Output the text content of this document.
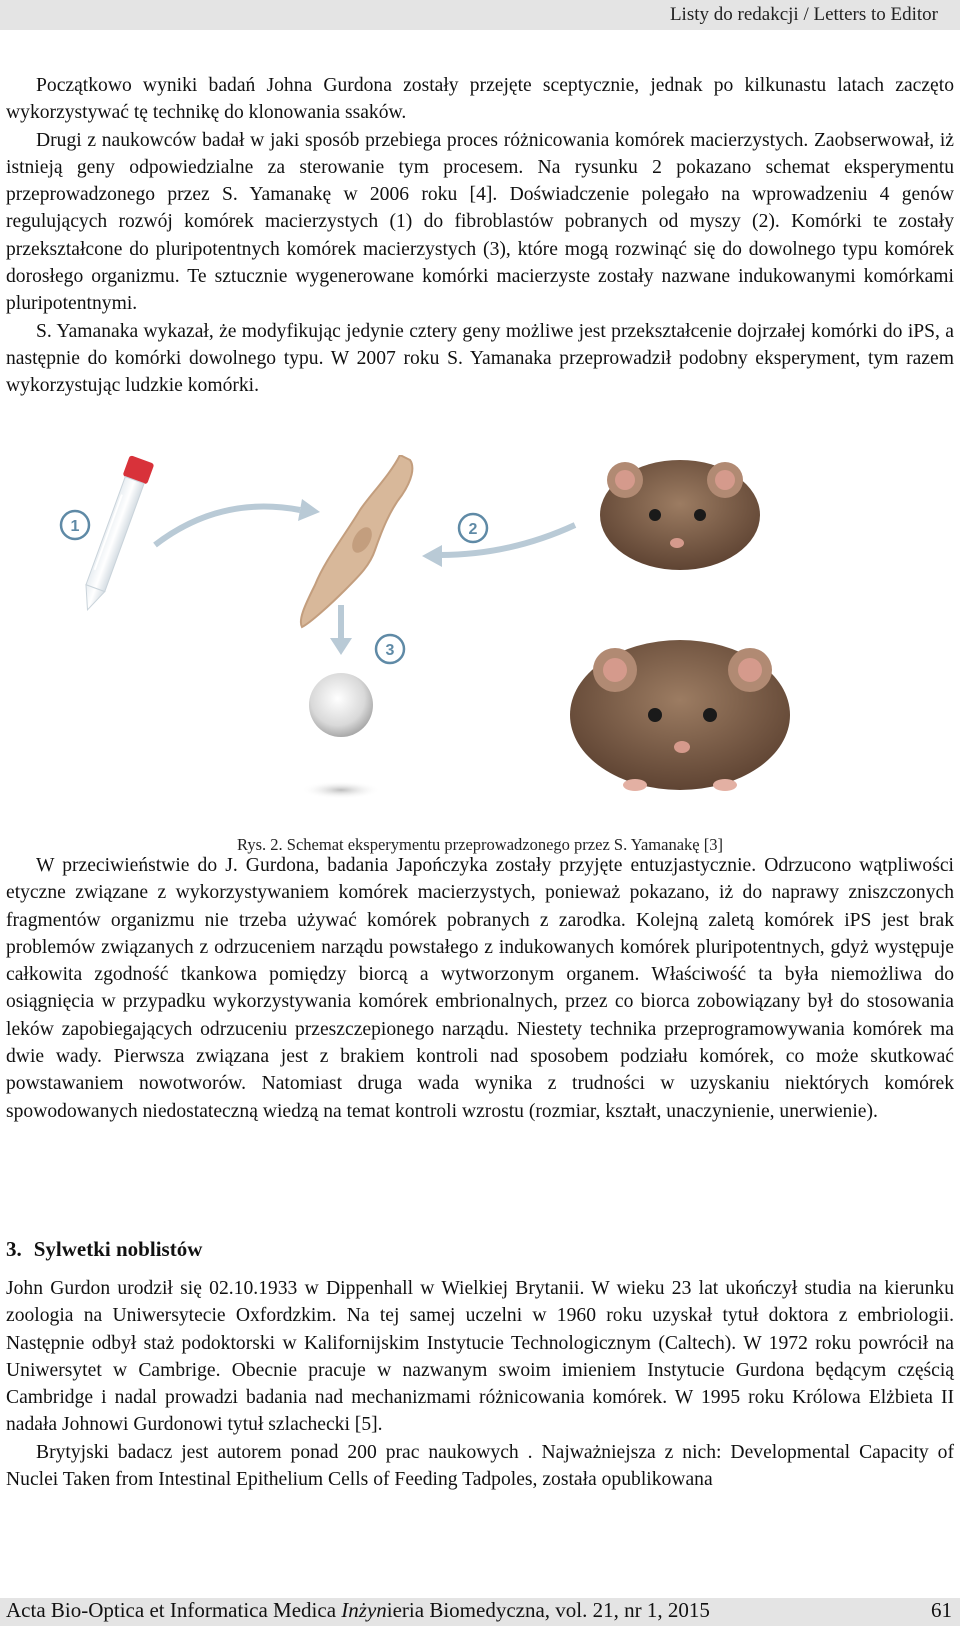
Listy do redakcji / Letters to Editor

Początkowo wyniki badań Johna Gurdona zostały przejęte sceptycznie, jednak po kilkunastu latach zaczęto wykorzystywać tę technikę do klonowania ssaków.

Drugi z naukowców badał w jaki sposób przebiega proces różnicowania komórek macierzystych. Zaobserwował, iż istnieją geny odpowiedzialne za sterowanie tym procesem. Na rysunku 2 pokazano schemat eksperymentu przeprowadzonego przez S. Yamanakę w 2006 roku [4]. Doświadczenie polegało na wprowadzeniu 4 genów regulujących rozwój komórek macierzystych (1) do fibroblastów pobranych od myszy (2). Komórki te zostały przekształcone do pluripotentnych komórek macierzystych (3), które mogą rozwinąć się do dowolnego typu komórek dorosłego organizmu. Te sztucznie wygenerowane komórki macierzyste zostały nazwane indukowanymi komórkami pluripotentnymi.

S. Yamanaka wykazał, że modyfikując jedynie cztery geny możliwe jest przekształcenie dojrzałej komórki do iPS, a następnie do komórki dowolnego typu. W 2007 roku S. Yamanaka przeprowadził podobny eksperyment, tym razem wykorzystując ludzkie komórki.

1	2
3
Rys. 2. Schemat eksperymentu przeprowadzonego przez S. Yamanakę [3]

W przeciwieństwie do J. Gurdona, badania Japończyka zostały przyjęte entuzjastycznie. Odrzucono wątpliwości etyczne związane z wykorzystywaniem komórek macierzystych, ponieważ pokazano, iż do naprawy zniszczonych fragmentów organizmu nie trzeba używać komórek pobranych z zarodka. Kolejną zaletą komórek iPS jest brak problemów związanych z odrzuceniem narządu powstałego z indukowanych komórek pluripotentnych, gdyż występuje całkowita zgodność tkankowa pomiędzy biorcą a wytworzonym organem. Właściwość ta była niemożliwa do osiągnięcia w przypadku wykorzystywania komórek embrionalnych, przez co biorca zobowiązany był do stosowania leków zapobiegających odrzuceniu przeszczepionego narządu. Niestety technika przeprogramowywania komórek ma dwie wady. Pierwsza związana jest z brakiem kontroli nad sposobem podziału komórek, co może skutkować powstawaniem nowotworów. Natomiast druga wada wynika z trudności w uzyskaniu niektórych komórek spowodowanych niedostateczną wiedzą na temat kontroli wzrostu (rozmiar, kształt, unaczynienie, unerwienie).

3. Sylwetki noblistów

John Gurdon urodził się 02.10.1933 w Dippenhall w Wielkiej Brytanii. W wieku 23 lat ukończył studia na kierunku zoologia na Uniwersytecie Oxfordzkim. Na tej samej uczelni w 1960 roku uzyskał tytuł doktora z embriologii. Następnie odbył staż podoktorski w Kalifornijskim Instytucie Technologicznym (Caltech). W 1972 roku powrócił na Uniwersytet w Cambrige. Obecnie pracuje w nazwanym swoim imieniem Instytucie Gurdona będącym częścią Cambridge i nadal prowadzi badania nad mechanizmami różnicowania komórek. W 1995 roku Królowa Elżbieta II nadała Johnowi Gurdonowi tytuł szlachecki [5].

Brytyjski badacz jest autorem ponad 200 prac naukowych . Najważniejsza z nich: Developmental Capacity of Nuclei Taken from Intestinal Epithelium Cells of Feeding Tadpoles, została opublikowana

Acta Bio-Optica et Informatica Medica Inżynieria Biomedyczna, vol. 21, nr 1, 2015	61
